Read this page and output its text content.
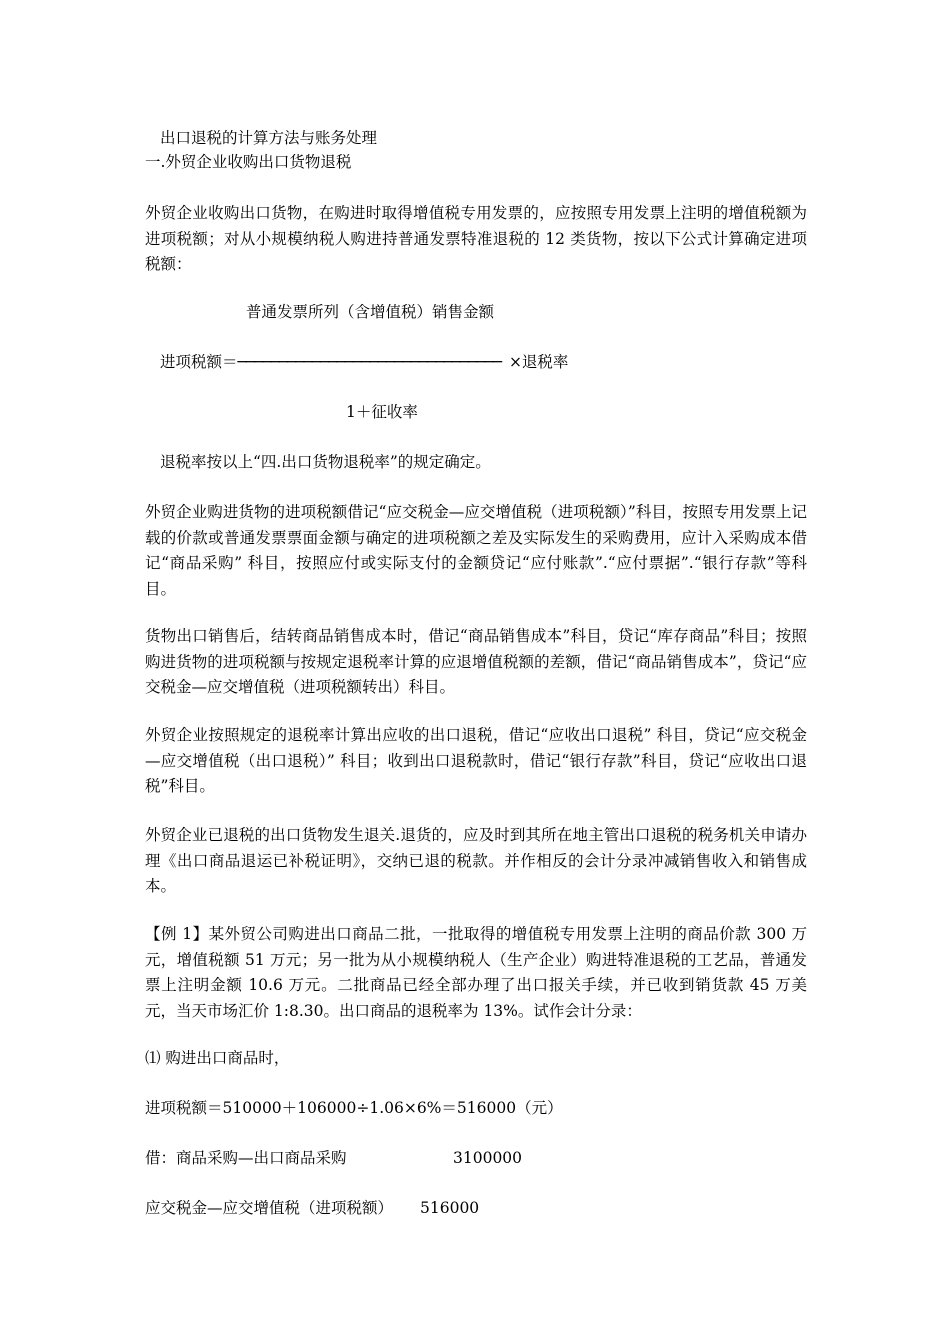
出口退税的计算方法与账务处理
一.外贸企业收购出口货物退税
外贸企业收购出口货物，在购进时取得增值税专用发票的，应按照专用发票上注明的增值税额为进项税额；对从小规模纳税人购进持普通发票特准退税的 12 类货物，按以下公式计算确定进项税额：
普通发票所列（含增值税）销售金额
进项税额＝──────────────────────────────── ×退税率
1＋征收率
退税率按以上“四.出口货物退税率”的规定确定。
外贸企业购进货物的进项税额借记“应交税金—应交增值税（进项税额）”科目，按照专用发票上记载的价款或普通发票票面金额与确定的进项税额之差及实际发生的采购费用，应计入采购成本借记“商品采购” 科目，按照应付或实际支付的金额贷记“应付账款”.“应付票据”.“银行存款”等科目。
货物出口销售后，结转商品销售成本时，借记“商品销售成本”科目，贷记“库存商品”科目；按照购进货物的进项税额与按规定退税率计算的应退增值税额的差额，借记“商品销售成本”，贷记“应交税金—应交增值税（进项税额转出）科目。
外贸企业按照规定的退税率计算出应收的出口退税，借记“应收出口退税” 科目，贷记“应交税金—应交增值税（出口退税）” 科目；收到出口退税款时，借记“银行存款”科目，贷记“应收出口退税”科目。
外贸企业已退税的出口货物发生退关.退货的，应及时到其所在地主管出口退税的税务机关申请办理《出口商品退运已补税证明》，交纳已退的税款。并作相反的会计分录冲减销售收入和销售成本。
【例 1】某外贸公司购进出口商品二批，一批取得的增值税专用发票上注明的商品价款 300 万元，增值税额 51 万元；另一批为从小规模纳税人（生产企业）购进特准退税的工艺品，普通发票上注明金额 10.6 万元。二批商品已经全部办理了出口报关手续，并已收到销货款 45 万美元，当天市场汇价 1:8.30。出口商品的退税率为 13%。试作会计分录：
⑴ 购进出口商品时，
进项税额＝510000＋106000÷1.06×6%＝516000（元）
借：商品采购—出口商品采购	3100000
应交税金—应交增值税（进项税额） 516000
